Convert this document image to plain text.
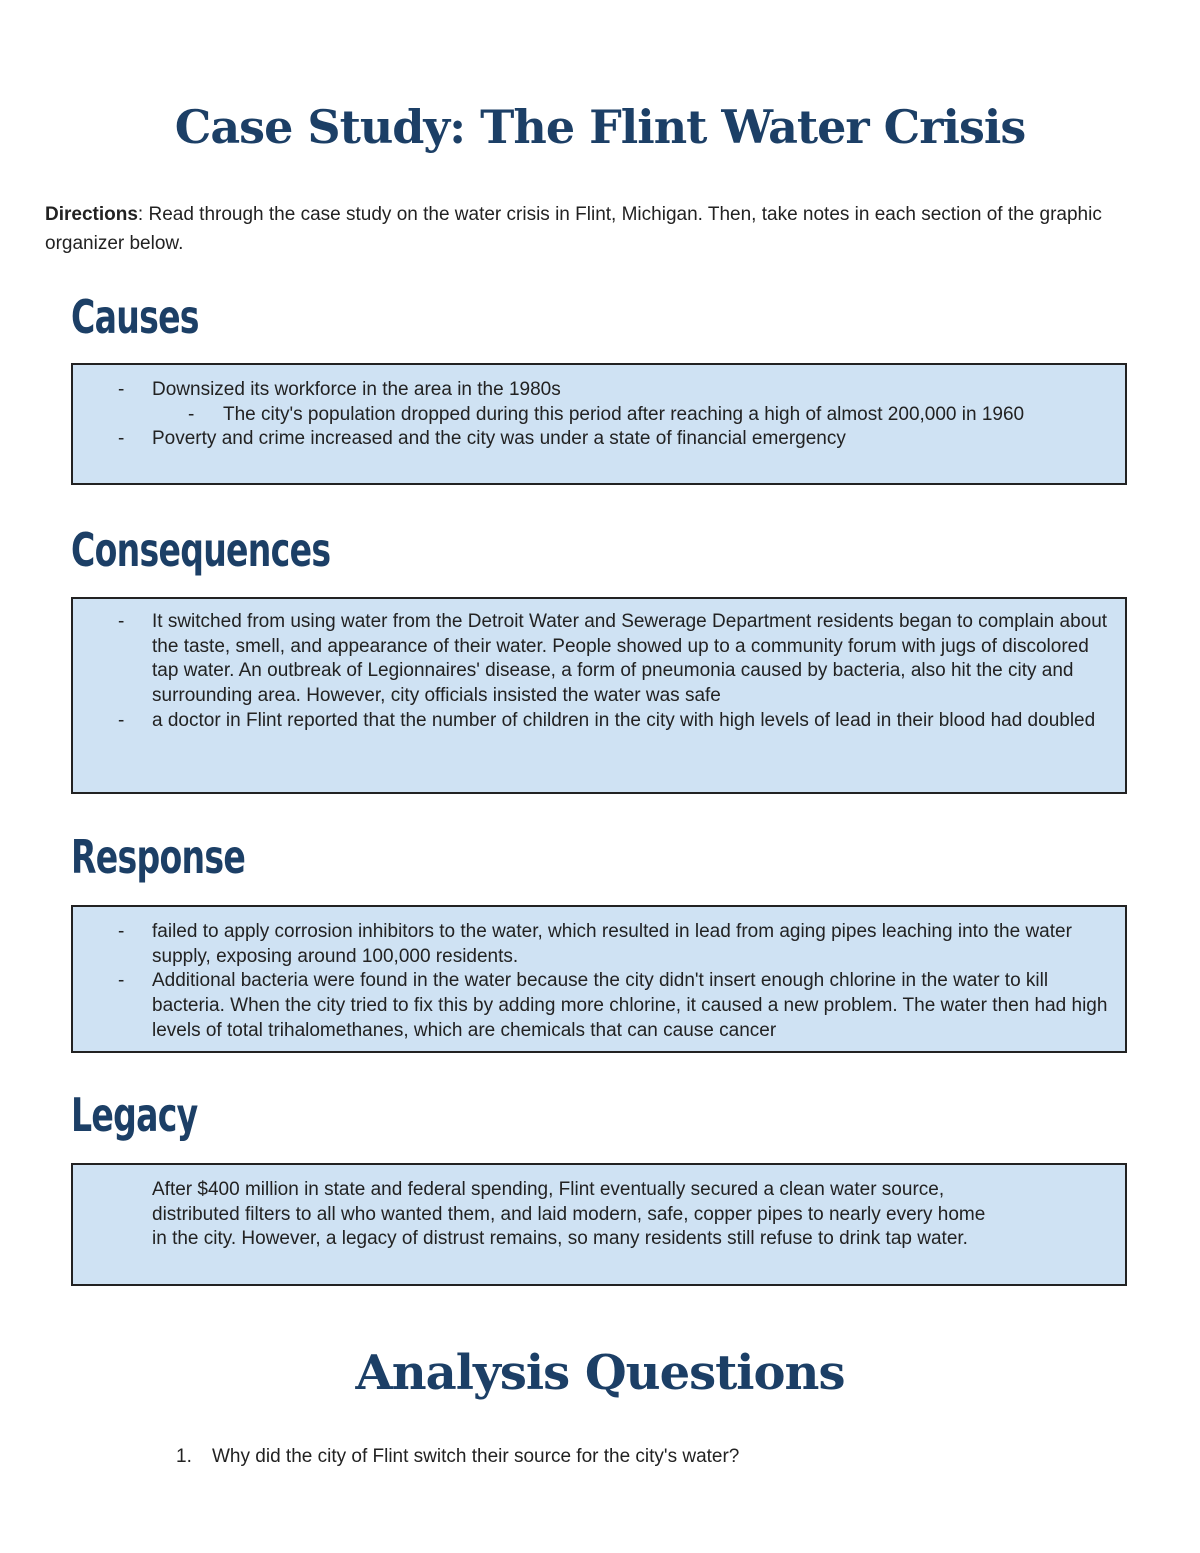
Case Study: The Flint Water Crisis
Directions: Read through the case study on the water crisis in Flint, Michigan. Then, take notes in each section of the graphic organizer below.
Causes
- Downsized its workforce in the area in the 1980s
- The city's population dropped during this period after reaching a high of almost 200,000 in 1960
- Poverty and crime increased and the city was under a state of financial emergency
Consequences
- It switched from using water from the Detroit Water and Sewerage Department residents began to complain about the taste, smell, and appearance of their water. People showed up to a community forum with jugs of discolored tap water. An outbreak of Legionnaires' disease, a form of pneumonia caused by bacteria, also hit the city and surrounding area. However, city officials insisted the water was safe
- a doctor in Flint reported that the number of children in the city with high levels of lead in their blood had doubled
Response
- failed to apply corrosion inhibitors to the water, which resulted in lead from aging pipes leaching into the water supply, exposing around 100,000 residents.
- Additional bacteria were found in the water because the city didn't insert enough chlorine in the water to kill bacteria. When the city tried to fix this by adding more chlorine, it caused a new problem. The water then had high levels of total trihalomethanes, which are chemicals that can cause cancer
Legacy
After $400 million in state and federal spending, Flint eventually secured a clean water source, distributed filters to all who wanted them, and laid modern, safe, copper pipes to nearly every home in the city. However, a legacy of distrust remains, so many residents still refuse to drink tap water.
Analysis Questions
1. Why did the city of Flint switch their source for the city's water?
